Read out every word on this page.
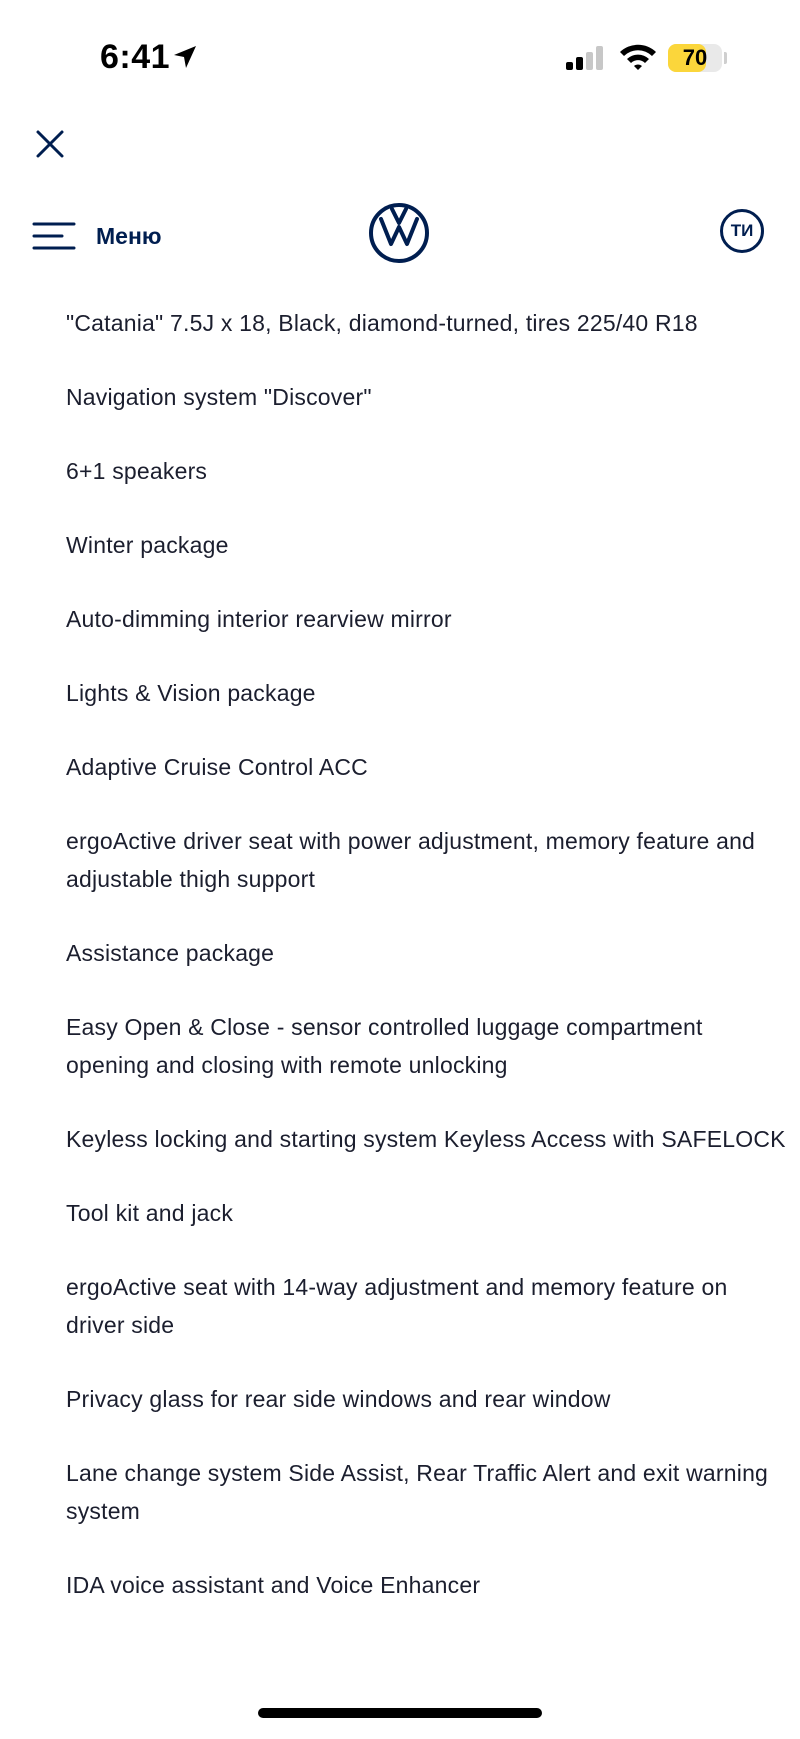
6:41	70
Меню	ТИ
"Catania" 7.5J x 18, Black, diamond-turned, tires 225/40 R18
Navigation system "Discover"
6+1 speakers
Winter package
Auto-dimming interior rearview mirror
Lights & Vision package
Adaptive Cruise Control ACC
ergoActive driver seat with power adjustment, memory feature and adjustable thigh support
Assistance package
Easy Open & Close - sensor controlled luggage compartment opening and closing with remote unlocking
Keyless locking and starting system Keyless Access with SAFELOCK
Tool kit and jack
ergoActive seat with 14-way adjustment and memory feature on driver side
Privacy glass for rear side windows and rear window
Lane change system Side Assist, Rear Traffic Alert and exit warning system
IDA voice assistant and Voice Enhancer
